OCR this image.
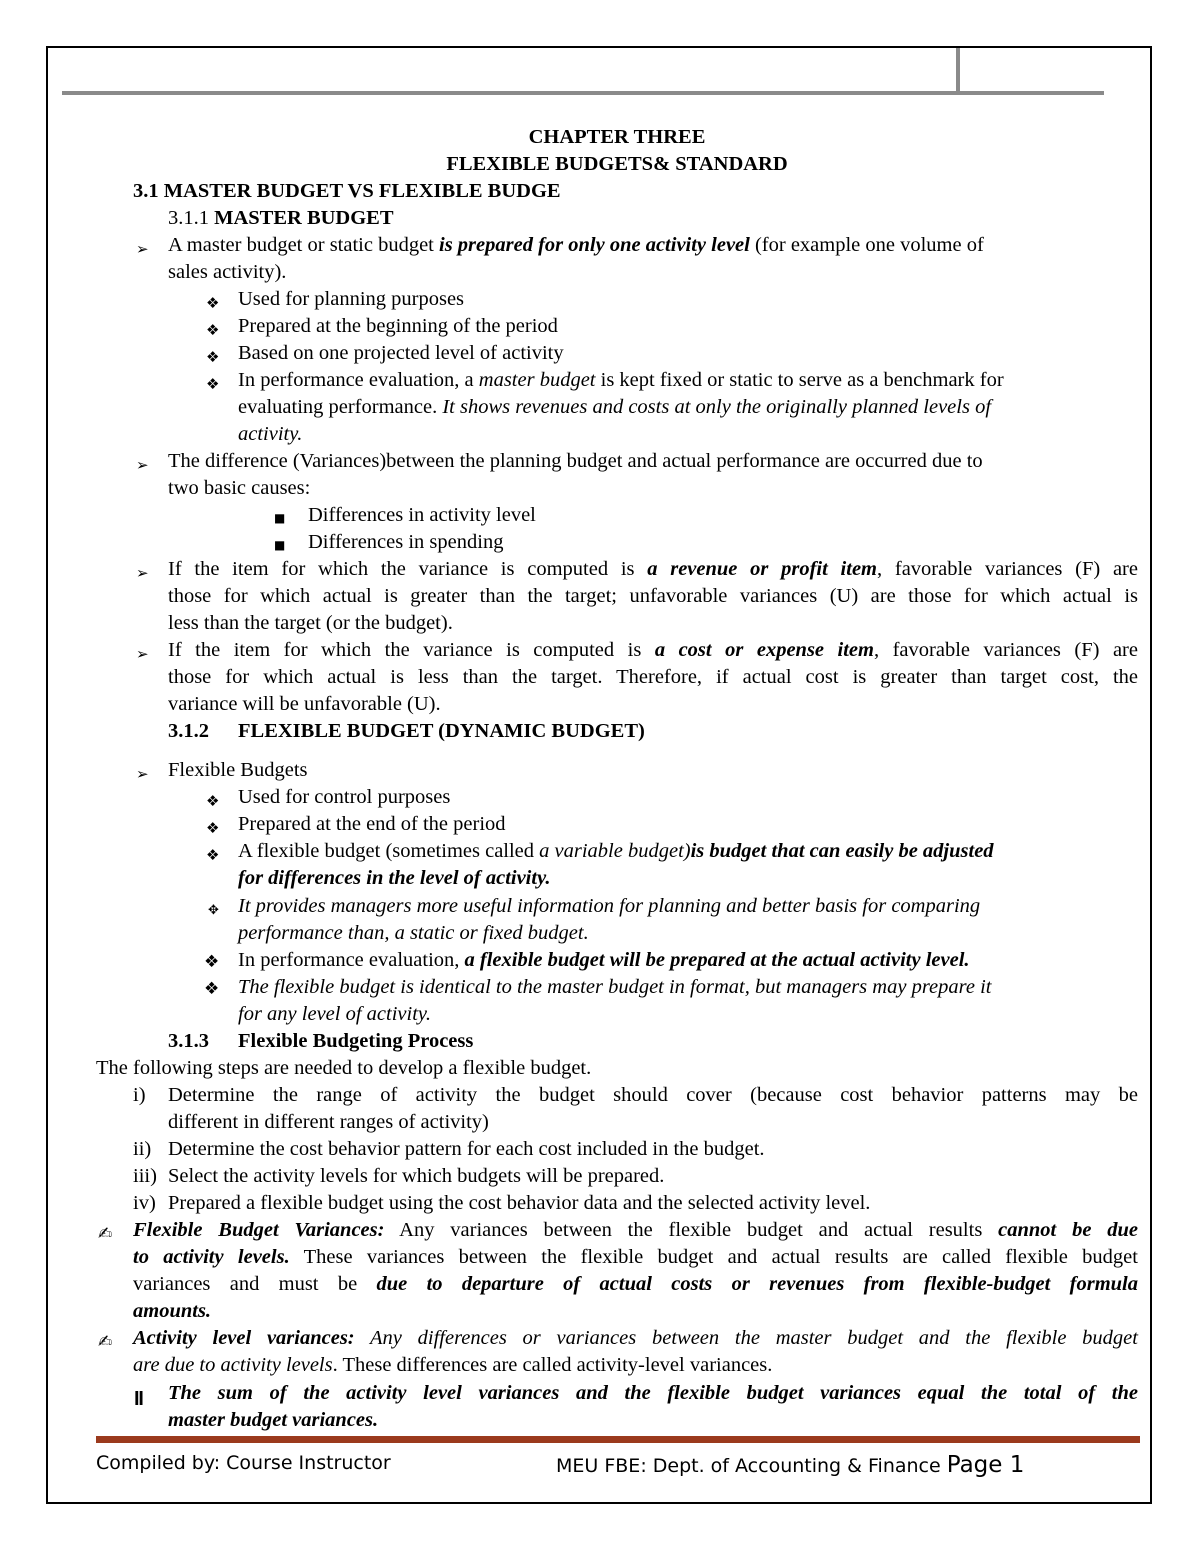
CHAPTER THREE
FLEXIBLE BUDGETS& STANDARD
3.1 MASTER BUDGET VS FLEXIBLE BUDGE
3.1.1 MASTER BUDGET
➢ A master budget or static budget is prepared for only one activity level (for example one volume of
sales activity).
❖ Used for planning purposes
❖ Prepared at the beginning of the period
❖ Based on one projected level of activity
❖ In performance evaluation, a master budget is kept fixed or static to serve as a benchmark for
evaluating performance. It shows revenues and costs at only the originally planned levels of
activity.
➢ The difference (Variances)between the planning budget and actual performance are occurred due to
two basic causes:
■ Differences in activity level
■ Differences in spending
➢ If the item for which the variance is computed is a revenue or profit item, favorable variances (F) are
those for which actual is greater than the target; unfavorable variances (U) are those for which actual is
less than the target (or the budget).
➢ If the item for which the variance is computed is a cost or expense item, favorable variances (F) are
those for which actual is less than the target. Therefore, if actual cost is greater than target cost, the
variance will be unfavorable (U).
3.1.2 FLEXIBLE BUDGET (DYNAMIC BUDGET)
➢ Flexible Budgets
❖ Used for control purposes
❖ Prepared at the end of the period
❖ A flexible budget (sometimes called a variable budget)is budget that can easily be adjusted
for differences in the level of activity.
✥ It provides managers more useful information for planning and better basis for comparing
performance than, a static or fixed budget.
❖ In performance evaluation, a flexible budget will be prepared at the actual activity level.
❖ The flexible budget is identical to the master budget in format, but managers may prepare it
for any level of activity.
3.1.3 Flexible Budgeting Process
The following steps are needed to develop a flexible budget.
i) Determine the range of activity the budget should cover (because cost behavior patterns may be
different in different ranges of activity)
ii) Determine the cost behavior pattern for each cost included in the budget.
iii) Select the activity levels for which budgets will be prepared.
iv) Prepared a flexible budget using the cost behavior data and the selected activity level.
✍ Flexible Budget Variances: Any variances between the flexible budget and actual results cannot be due
to activity levels. These variances between the flexible budget and actual results are called flexible budget
variances and must be due to departure of actual costs or revenues from flexible-budget formula
amounts.
✍ Activity level variances: Any differences or variances between the master budget and the flexible budget
are due to activity levels. These differences are called activity-level variances.
ǁ The sum of the activity level variances and the flexible budget variances equal the total of the
master budget variances.
Compiled by: Course Instructor	MEU FBE: Dept. of Accounting & Finance Page 1
